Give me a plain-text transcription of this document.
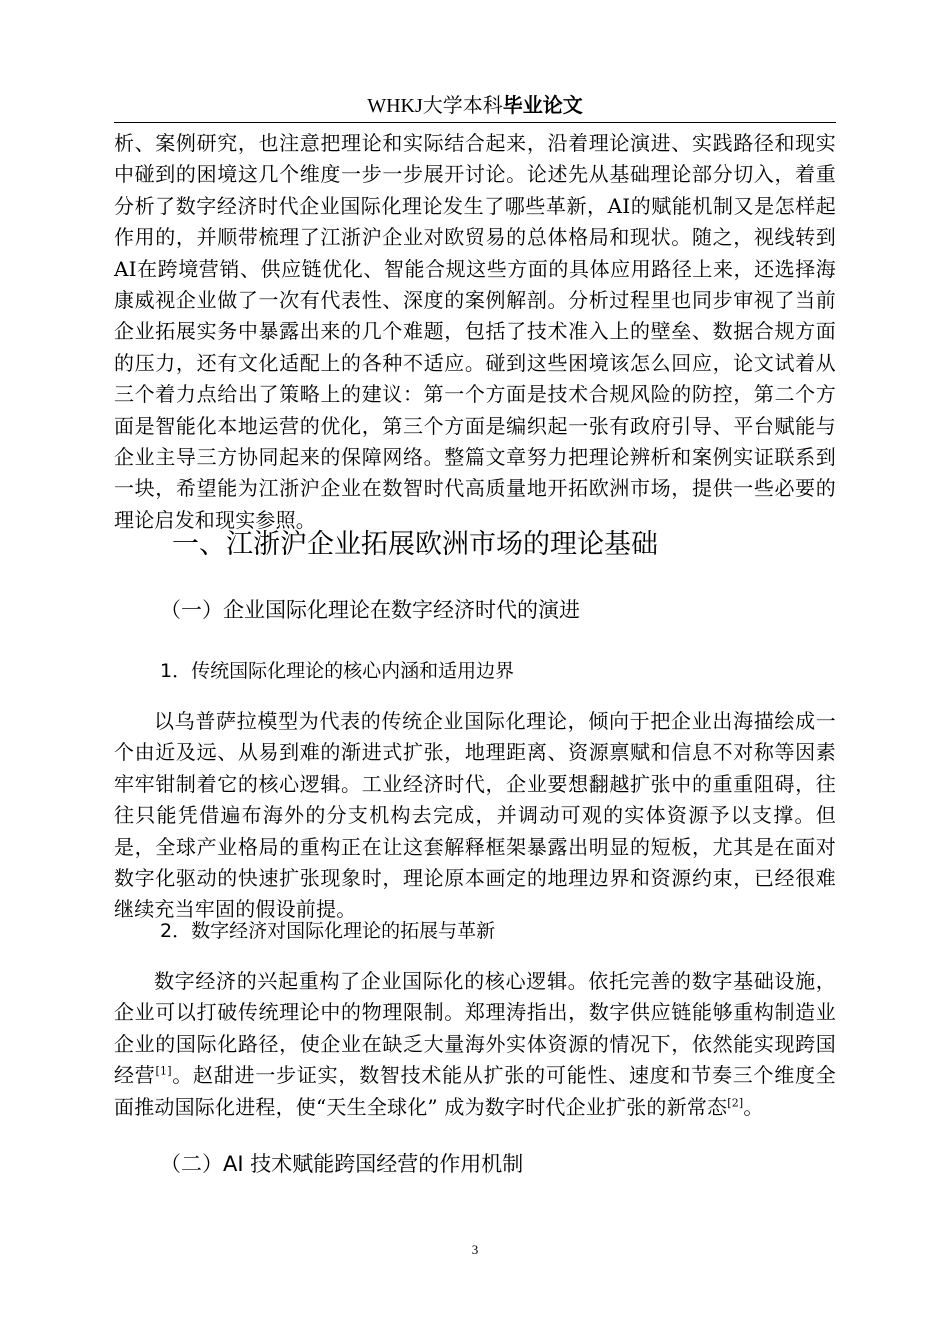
WHKJ大学本科毕业论文

析、案例研究，也注意把理论和实际结合起来，沿着理论演进、实践路径和现实中碰到的困境这几个维度一步一步展开讨论。论述先从基础理论部分切入，着重分析了数字经济时代企业国际化理论发生了哪些革新，AI的赋能机制又是怎样起作用的，并顺带梳理了江浙沪企业对欧贸易的总体格局和现状。随之，视线转到AI在跨境营销、供应链优化、智能合规这些方面的具体应用路径上来，还选择海康威视企业做了一次有代表性、深度的案例解剖。分析过程里也同步审视了当前企业拓展实务中暴露出来的几个难题，包括了技术准入上的壁垒、数据合规方面的压力，还有文化适配上的各种不适应。碰到这些困境该怎么回应，论文试着从三个着力点给出了策略上的建议：第一个方面是技术合规风险的防控，第二个方面是智能化本地运营的优化，第三个方面是编织起一张有政府引导、平台赋能与企业主导三方协同起来的保障网络。整篇文章努力把理论辨析和案例实证联系到一块，希望能为江浙沪企业在数智时代高质量地开拓欧洲市场，提供一些必要的理论启发和现实参照。

一、江浙沪企业拓展欧洲市场的理论基础
（一）企业国际化理论在数字经济时代的演进
1．传统国际化理论的核心内涵和适用边界

以乌普萨拉模型为代表的传统企业国际化理论，倾向于把企业出海描绘成一个由近及远、从易到难的渐进式扩张，地理距离、资源禀赋和信息不对称等因素牢牢钳制着它的核心逻辑。工业经济时代，企业要想翻越扩张中的重重阻碍，往往只能凭借遍布海外的分支机构去完成，并调动可观的实体资源予以支撑。但是，全球产业格局的重构正在让这套解释框架暴露出明显的短板，尤其是在面对数字化驱动的快速扩张现象时，理论原本画定的地理边界和资源约束，已经很难继续充当牢固的假设前提。

2．数字经济对国际化理论的拓展与革新

数字经济的兴起重构了企业国际化的核心逻辑。依托完善的数字基础设施，企业可以打破传统理论中的物理限制。郑理涛指出，数字供应链能够重构制造业企业的国际化路径，使企业在缺乏大量海外实体资源的情况下，依然能实现跨国经营[1]。赵甜进一步证实，数智技术能从扩张的可能性、速度和节奏三个维度全面推动国际化进程，使“天生全球化” 成为数字时代企业扩张的新常态[2]。

（二）AI 技术赋能跨国经营的作用机制
3
